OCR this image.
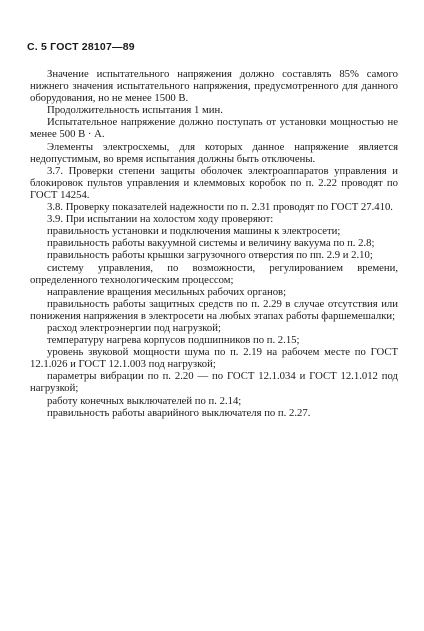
С. 5 ГОСТ 28107—89

Значение испытательного напряжения должно составлять 85% самого нижнего значения испытательного напряжения, предусмотренного для данного оборудования, но не менее 1500 В.

Продолжительность испытания 1 мин.

Испытательное напряжение должно поступать от установки мощностью не менее 500 В · А.

Элементы электросхемы, для которых данное напряжение является недопустимым, во время испытания должны быть отключены.

3.7. Проверки степени защиты оболочек электроаппаратов управления и блокировок пультов управления и клеммовых коробок по п. 2.22 проводят по ГОСТ 14254.

3.8. Проверку показателей надежности по п. 2.31 проводят по ГОСТ 27.410.

3.9. При испытании на холостом ходу проверяют:

правильность установки и подключения машины к электросети;

правильность работы вакуумной системы и величину вакуума по п. 2.8;

правильность работы крышки загрузочного отверстия по пп. 2.9 и 2.10;

систему управления, по возможности, регулированием времени, определенного технологическим процессом;

направление вращения месильных рабочих органов;

правильность работы защитных средств по п. 2.29 в случае отсутствия или понижения напряжения в электросети на любых этапах работы фаршемешалки;

расход электроэнергии под нагрузкой;

температуру нагрева корпусов подшипников по п. 2.15;

уровень звуковой мощности шума по п. 2.19 на рабочем месте по ГОСТ 12.1.026 и ГОСТ 12.1.003 под нагрузкой;

параметры вибрации по п. 2.20 — по ГОСТ 12.1.034 и ГОСТ 12.1.012 под нагрузкой;

работу конечных выключателей по п. 2.14;

правильность работы аварийного выключателя по п. 2.27.
